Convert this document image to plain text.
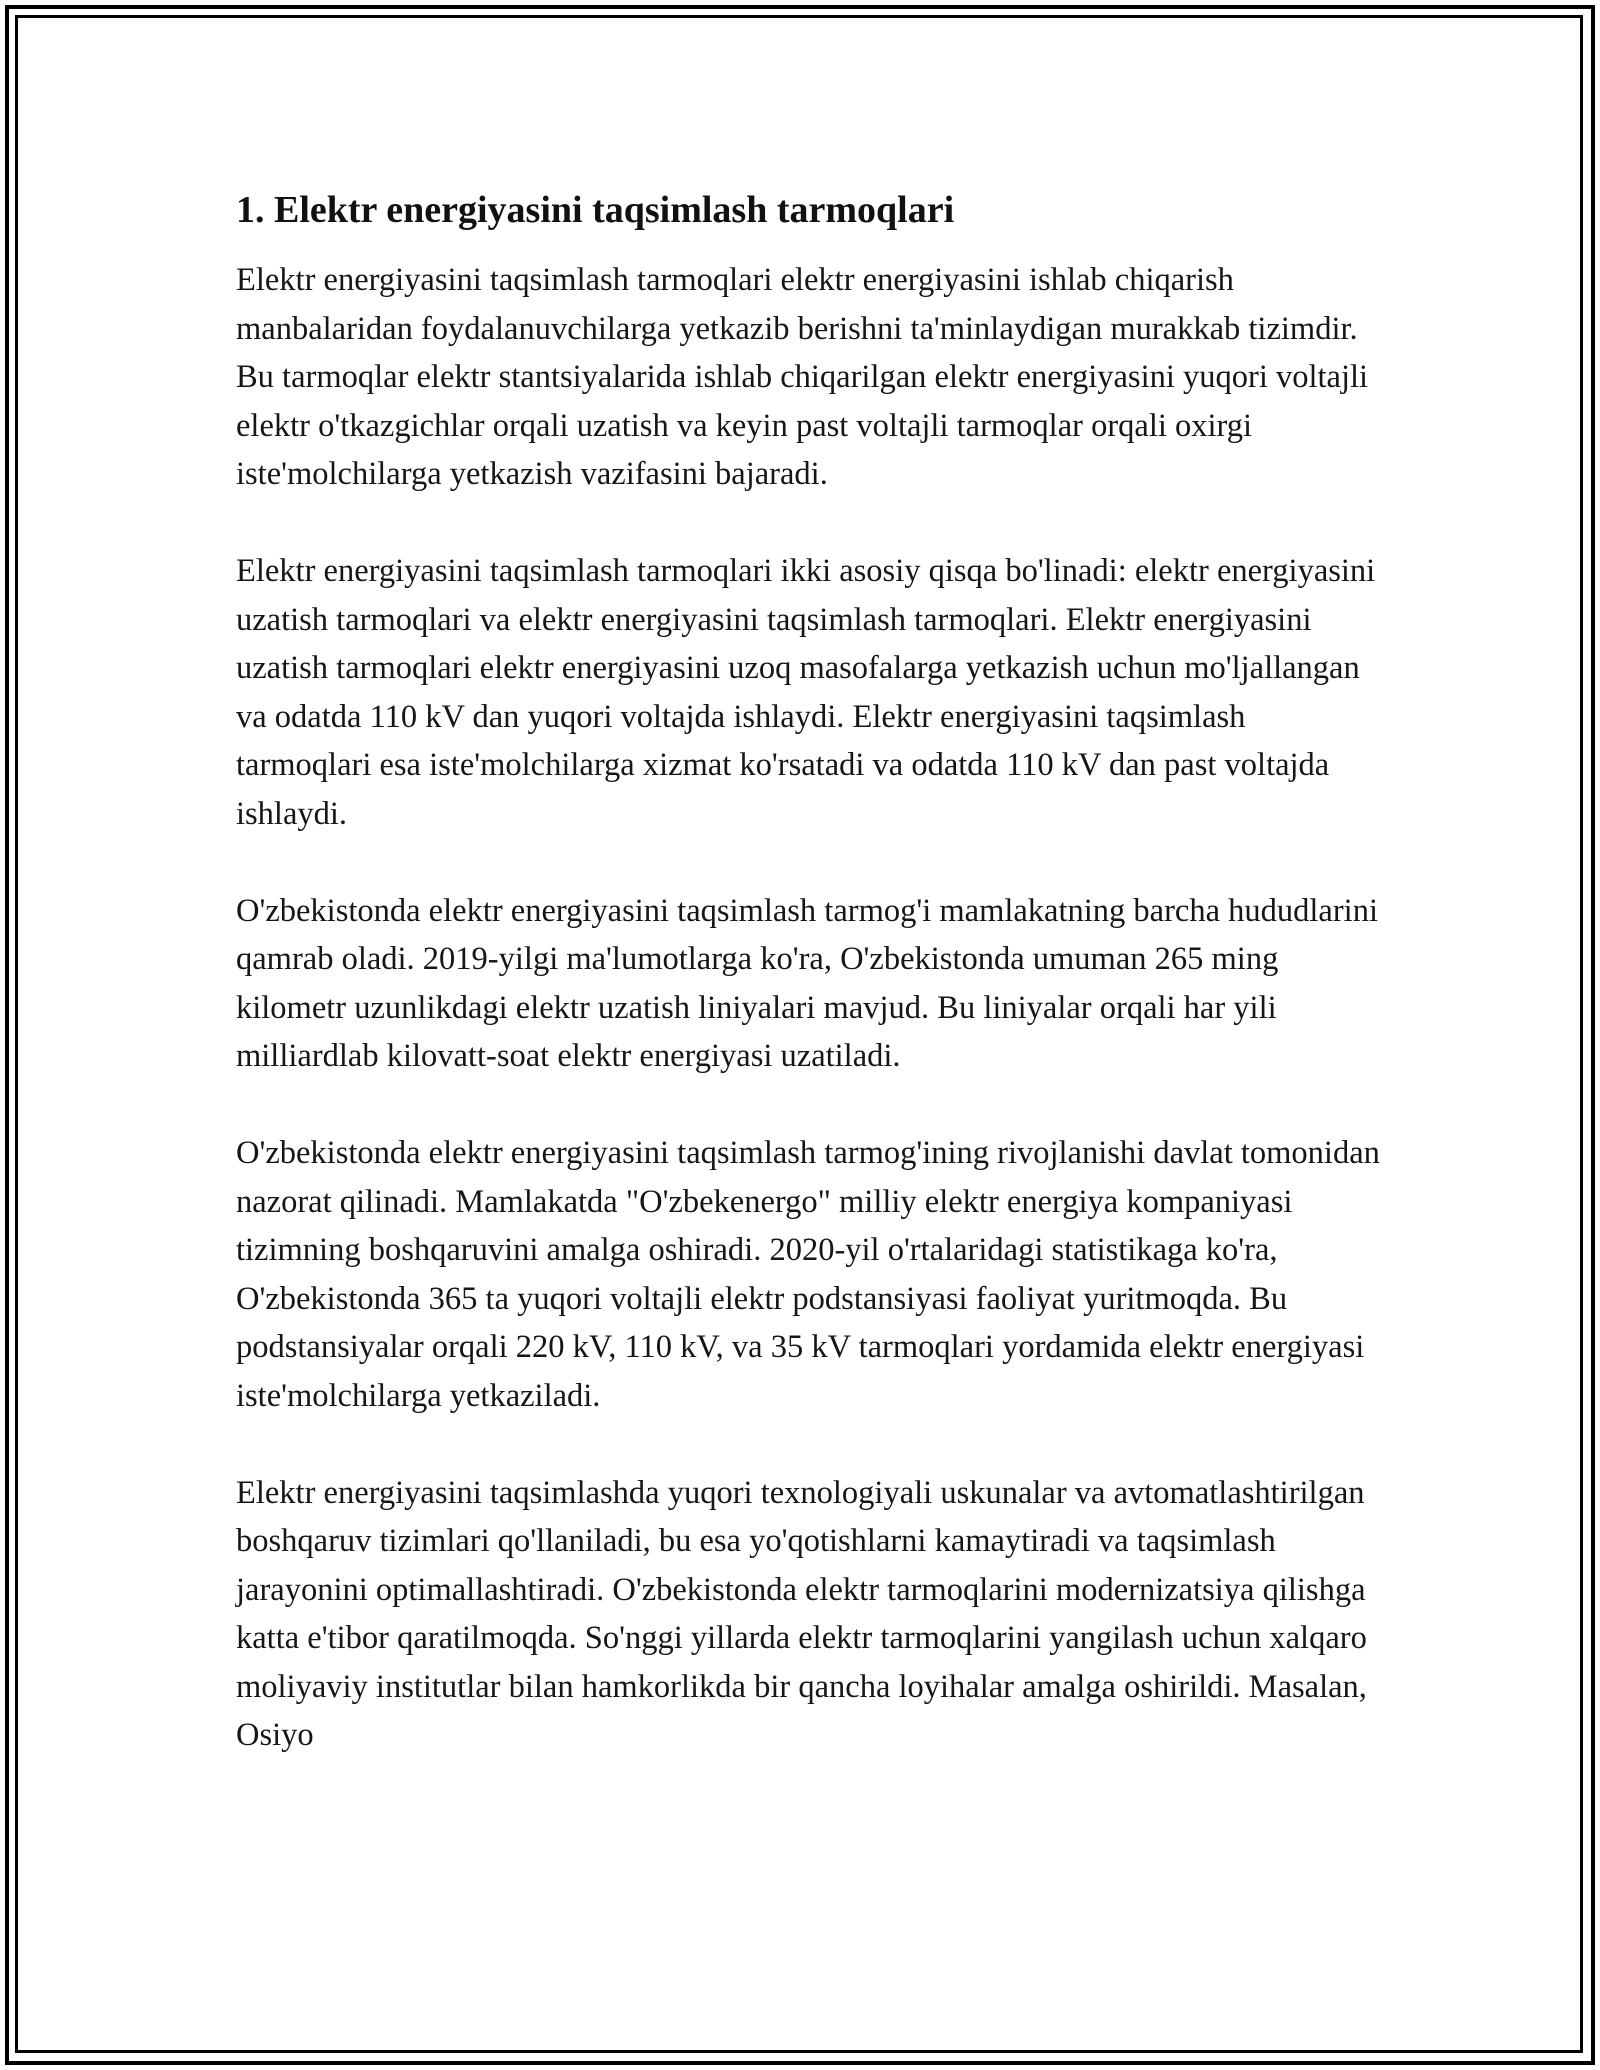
1. Elektr energiyasini taqsimlash tarmoqlari

Elektr energiyasini taqsimlash tarmoqlari elektr energiyasini ishlab chiqarish manbalaridan foydalanuvchilarga yetkazib berishni ta'minlaydigan murakkab tizimdir. Bu tarmoqlar elektr stantsiyalarida ishlab chiqarilgan elektr energiyasini yuqori voltajli elektr o'tkazgichlar orqali uzatish va keyin past voltajli tarmoqlar orqali oxirgi iste'molchilarga yetkazish vazifasini bajaradi.

Elektr energiyasini taqsimlash tarmoqlari ikki asosiy qisqa bo'linadi: elektr energiyasini uzatish tarmoqlari va elektr energiyasini taqsimlash tarmoqlari. Elektr energiyasini uzatish tarmoqlari elektr energiyasini uzoq masofalarga yetkazish uchun mo'ljallangan va odatda 110 kV dan yuqori voltajda ishlaydi. Elektr energiyasini taqsimlash tarmoqlari esa iste'molchilarga xizmat ko'rsatadi va odatda 110 kV dan past voltajda ishlaydi.

O'zbekistonda elektr energiyasini taqsimlash tarmog'i mamlakatning barcha hududlarini qamrab oladi. 2019-yilgi ma'lumotlarga ko'ra, O'zbekistonda umuman 265 ming kilometr uzunlikdagi elektr uzatish liniyalari mavjud. Bu liniyalar orqali har yili milliardlab kilovatt-soat elektr energiyasi uzatiladi.

O'zbekistonda elektr energiyasini taqsimlash tarmog'ining rivojlanishi davlat tomonidan nazorat qilinadi. Mamlakatda "O'zbekenergo" milliy elektr energiya kompaniyasi tizimning boshqaruvini amalga oshiradi. 2020-yil o'rtalaridagi statistikaga ko'ra, O'zbekistonda 365 ta yuqori voltajli elektr podstansiyasi faoliyat yuritmoqda. Bu podstansiyalar orqali 220 kV, 110 kV, va 35 kV tarmoqlari yordamida elektr energiyasi iste'molchilarga yetkaziladi.

Elektr energiyasini taqsimlashda yuqori texnologiyali uskunalar va avtomatlashtirilgan boshqaruv tizimlari qo'llaniladi, bu esa yo'qotishlarni kamaytiradi va taqsimlash jarayonini optimallashtiradi. O'zbekistonda elektr tarmoqlarini modernizatsiya qilishga katta e'tibor qaratilmoqda. So'nggi yillarda elektr tarmoqlarini yangilash uchun xalqaro moliyaviy institutlar bilan hamkorlikda bir qancha loyihalar amalga oshirildi. Masalan, Osiyo
